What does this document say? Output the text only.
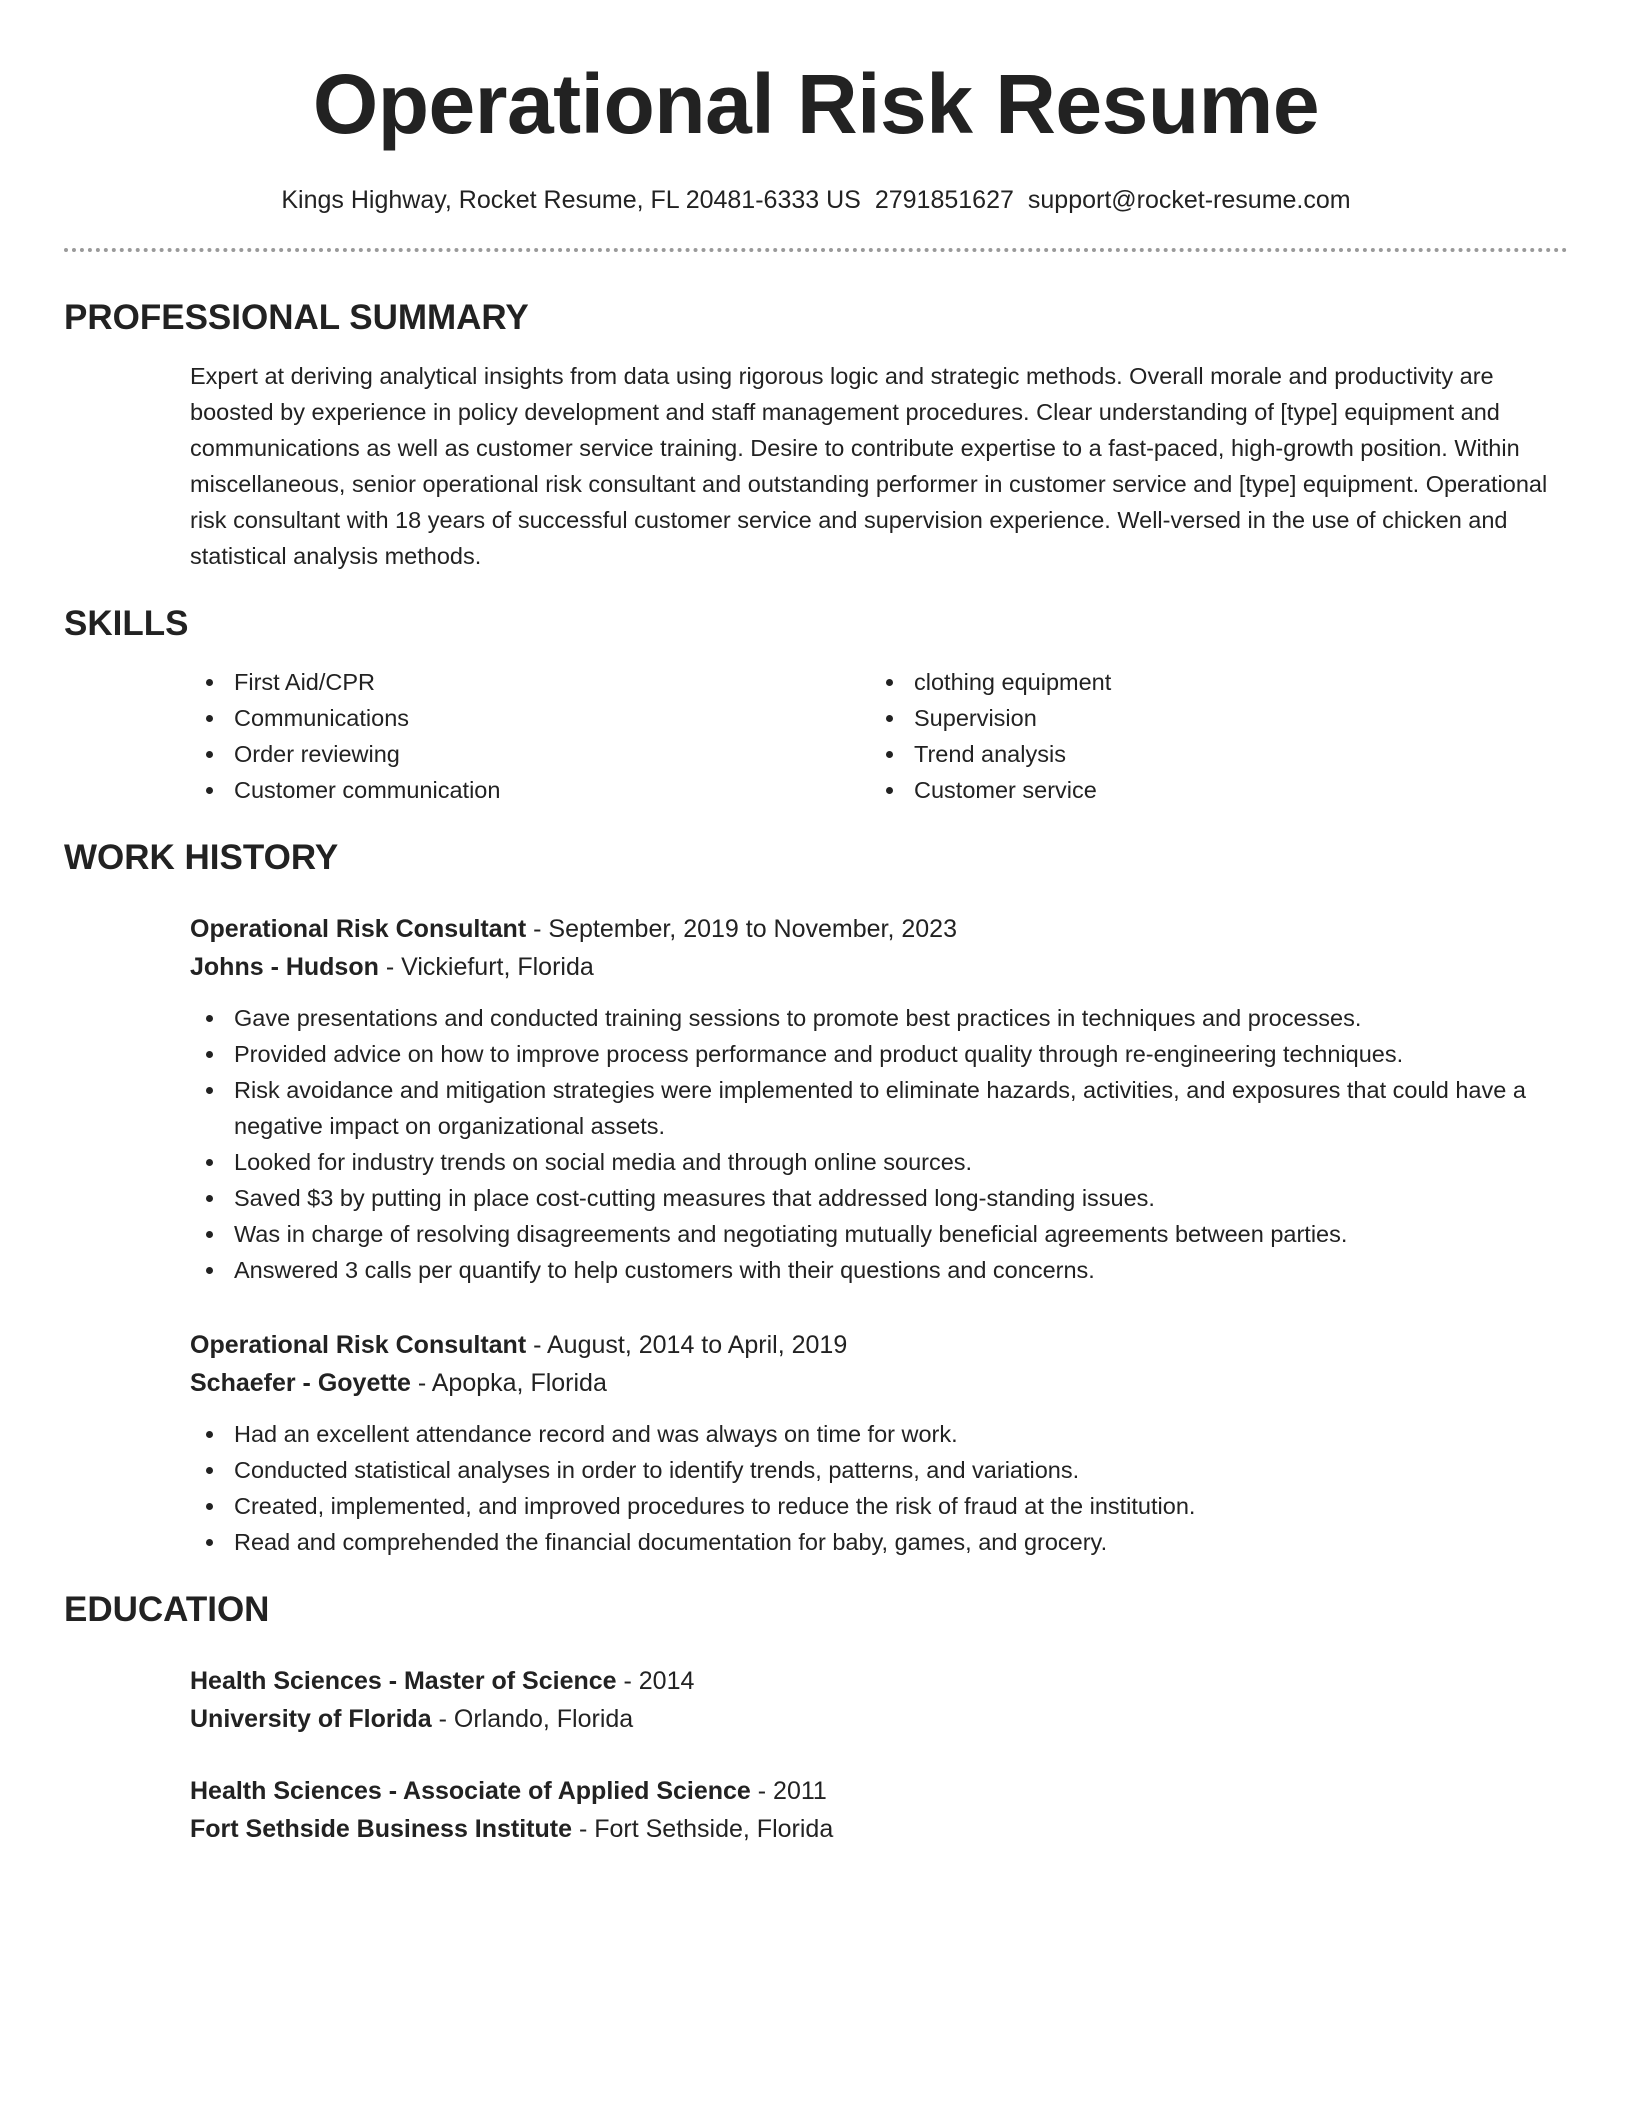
Operational Risk Resume
Kings Highway, Rocket Resume, FL 20481-6333 US 2791851627 support@rocket-resume.com
PROFESSIONAL SUMMARY

Expert at deriving analytical insights from data using rigorous logic and strategic methods. Overall morale and productivity are boosted by experience in policy development and staff management procedures. Clear understanding of [type] equipment and communications as well as customer service training. Desire to contribute expertise to a fast-paced, high-growth position. Within miscellaneous, senior operational risk consultant and outstanding performer in customer service and [type] equipment. Operational risk consultant with 18 years of successful customer service and supervision experience. Well-versed in the use of chicken and statistical analysis methods.

SKILLS
First Aid/CPR
Communications
Order reviewing
Customer communication
clothing equipment
Supervision
Trend analysis
Customer service
WORK HISTORY
Operational Risk Consultant - September, 2019 to November, 2023
Johns - Hudson - Vickiefurt, Florida
Gave presentations and conducted training sessions to promote best practices in techniques and processes.
Provided advice on how to improve process performance and product quality through re-engineering techniques.
Risk avoidance and mitigation strategies were implemented to eliminate hazards, activities, and exposures that could have a negative impact on organizational assets.
Looked for industry trends on social media and through online sources.
Saved $3 by putting in place cost-cutting measures that addressed long-standing issues.
Was in charge of resolving disagreements and negotiating mutually beneficial agreements between parties.
Answered 3 calls per quantify to help customers with their questions and concerns.
Operational Risk Consultant - August, 2014 to April, 2019
Schaefer - Goyette - Apopka, Florida
Had an excellent attendance record and was always on time for work.
Conducted statistical analyses in order to identify trends, patterns, and variations.
Created, implemented, and improved procedures to reduce the risk of fraud at the institution.
Read and comprehended the financial documentation for baby, games, and grocery.
EDUCATION
Health Sciences - Master of Science - 2014
University of Florida - Orlando, Florida
Health Sciences - Associate of Applied Science - 2011
Fort Sethside Business Institute - Fort Sethside, Florida
